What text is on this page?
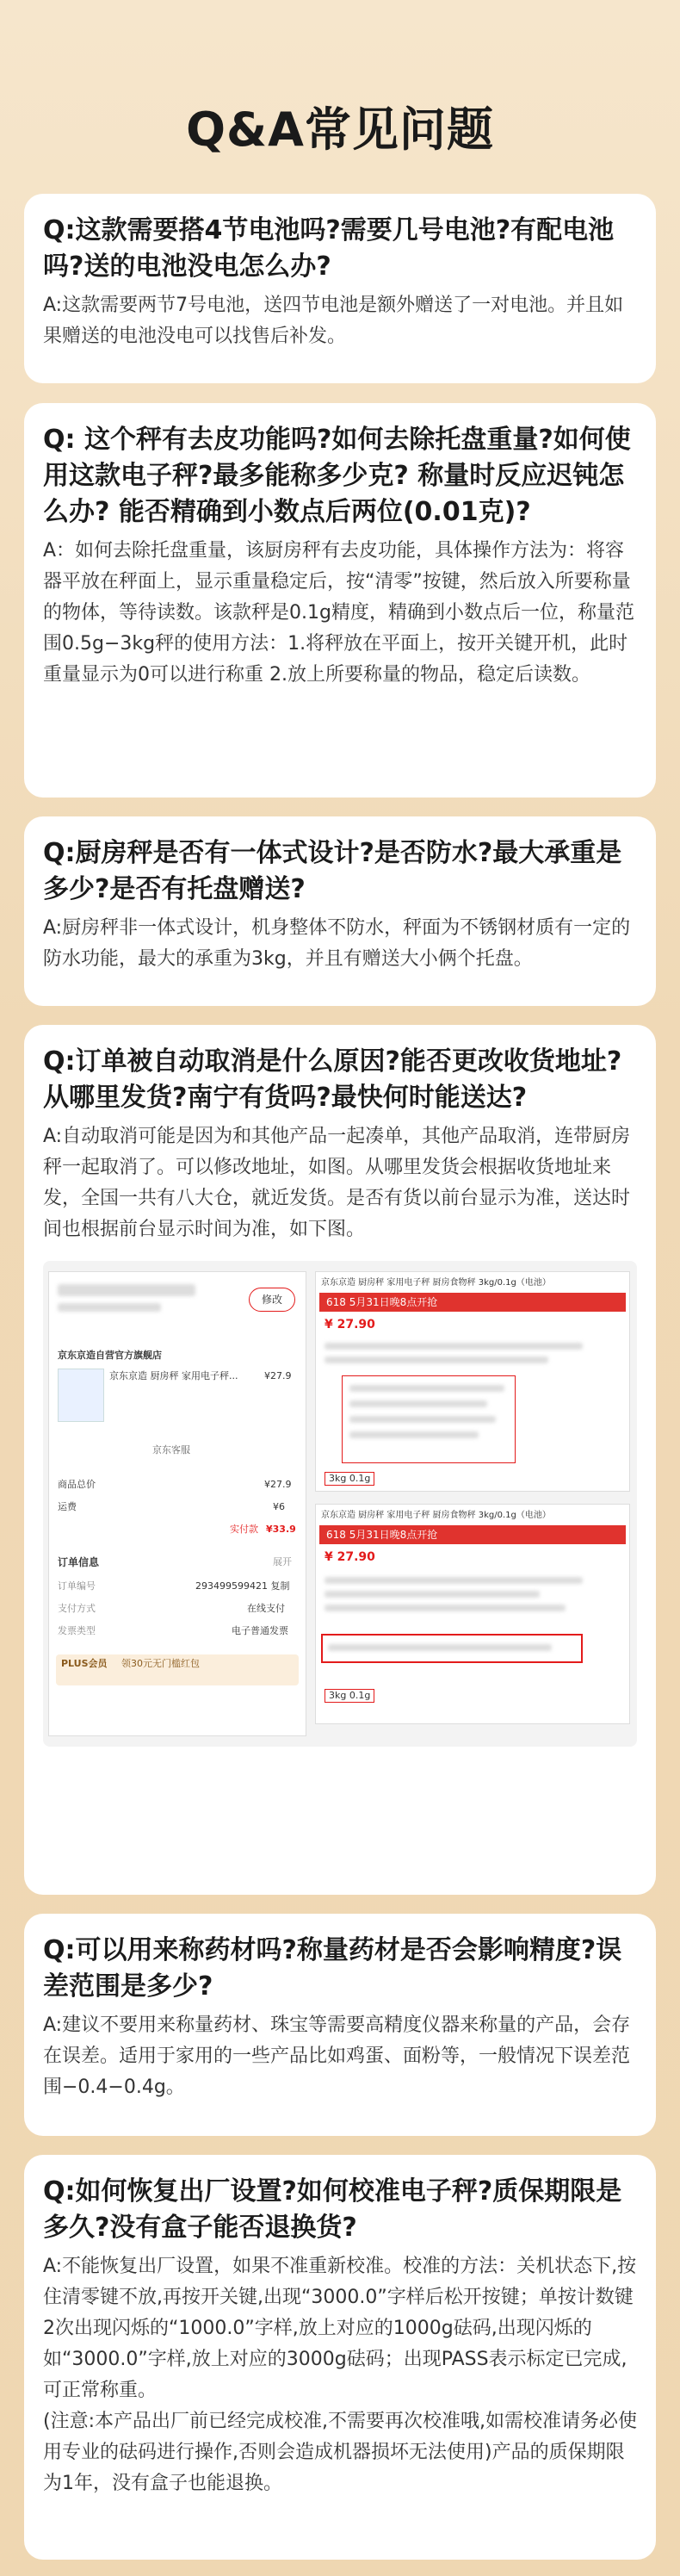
Q&A常见问题
Q:这款需要搭4节电池吗?需要几号电池?有配电池吗?送的电池没电怎么办?
A:这款需要两节7号电池，送四节电池是额外赠送了一对电池。并且如果赠送的电池没电可以找售后补发。
Q: 这个秤有去皮功能吗?如何去除托盘重量?如何使用这款电子秤?最多能称多少克? 称量时反应迟钝怎么办? 能否精确到小数点后两位(0.01克)?
A：如何去除托盘重量，该厨房秤有去皮功能，具体操作方法为：将容器平放在秤面上，显示重量稳定后，按“清零”按键，然后放入所要称量的物体，等待读数。该款秤是0.1g精度，精确到小数点后一位，称量范围0.5g−3kg秤的使用方法：1.将秤放在平面上，按开关键开机，此时重量显示为0可以进行称重 2.放上所要称量的物品，稳定后读数。
Q:厨房秤是否有一体式设计?是否防水?最大承重是多少?是否有托盘赠送?
A:厨房秤非一体式设计，机身整体不防水，秤面为不锈钢材质有一定的防水功能，最大的承重为3kg，并且有赠送大小俩个托盘。
Q:订单被自动取消是什么原因?能否更改收货地址?从哪里发货?南宁有货吗?最快何时能送达?
A:自动取消可能是因为和其他产品一起凑单，其他产品取消，连带厨房秤一起取消了。可以修改地址，如图。从哪里发货会根据收货地址来发，全国一共有八大仓，就近发货。是否有货以前台显示为准，送达时间也根据前台显示时间为准，如下图。
修改
京东京造自营官方旗舰店
京东京造 厨房秤 家用电子秤...	¥27.9
京东客服
商品总价	¥27.9
运费	¥6
实付款 ¥33.9
订单信息	展开
订单编号	293499599421 复制
支付方式	在线支付
发票类型	电子普通发票
PLUS会员 领30元无门槛红包
京东京造 厨房秤 家用电子秤 厨房食物秤 3kg/0.1g（电池）
618 5月31日晚8点开抢
¥ 27.90
3kg 0.1g
京东京造 厨房秤 家用电子秤 厨房食物秤 3kg/0.1g（电池）
618 5月31日晚8点开抢
¥ 27.90
3kg 0.1g
Q:可以用来称药材吗?称量药材是否会影响精度?误差范围是多少?
A:建议不要用来称量药材、珠宝等需要高精度仪器来称量的产品，会存在误差。适用于家用的一些产品比如鸡蛋、面粉等，一般情况下误差范围−0.4−0.4g。
Q:如何恢复出厂设置?如何校准电子秤?质保期限是多久?没有盒子能否退换货?
A:不能恢复出厂设置，如果不准重新校准。校准的方法：关机状态下,按住清零键不放,再按开关键,出现“3000.0”字样后松开按键；单按计数键2次出现闪烁的“1000.0”字样,放上对应的1000g砝码,出现闪烁的如“3000.0”字样,放上对应的3000g砝码；出现PASS表示标定已完成,可正常称重。
(注意:本产品出厂前已经完成校准,不需要再次校准哦,如需校准请务必使用专业的砝码进行操作,否则会造成机器损坏无法使用)产品的质保期限为1年，没有盒子也能退换。
